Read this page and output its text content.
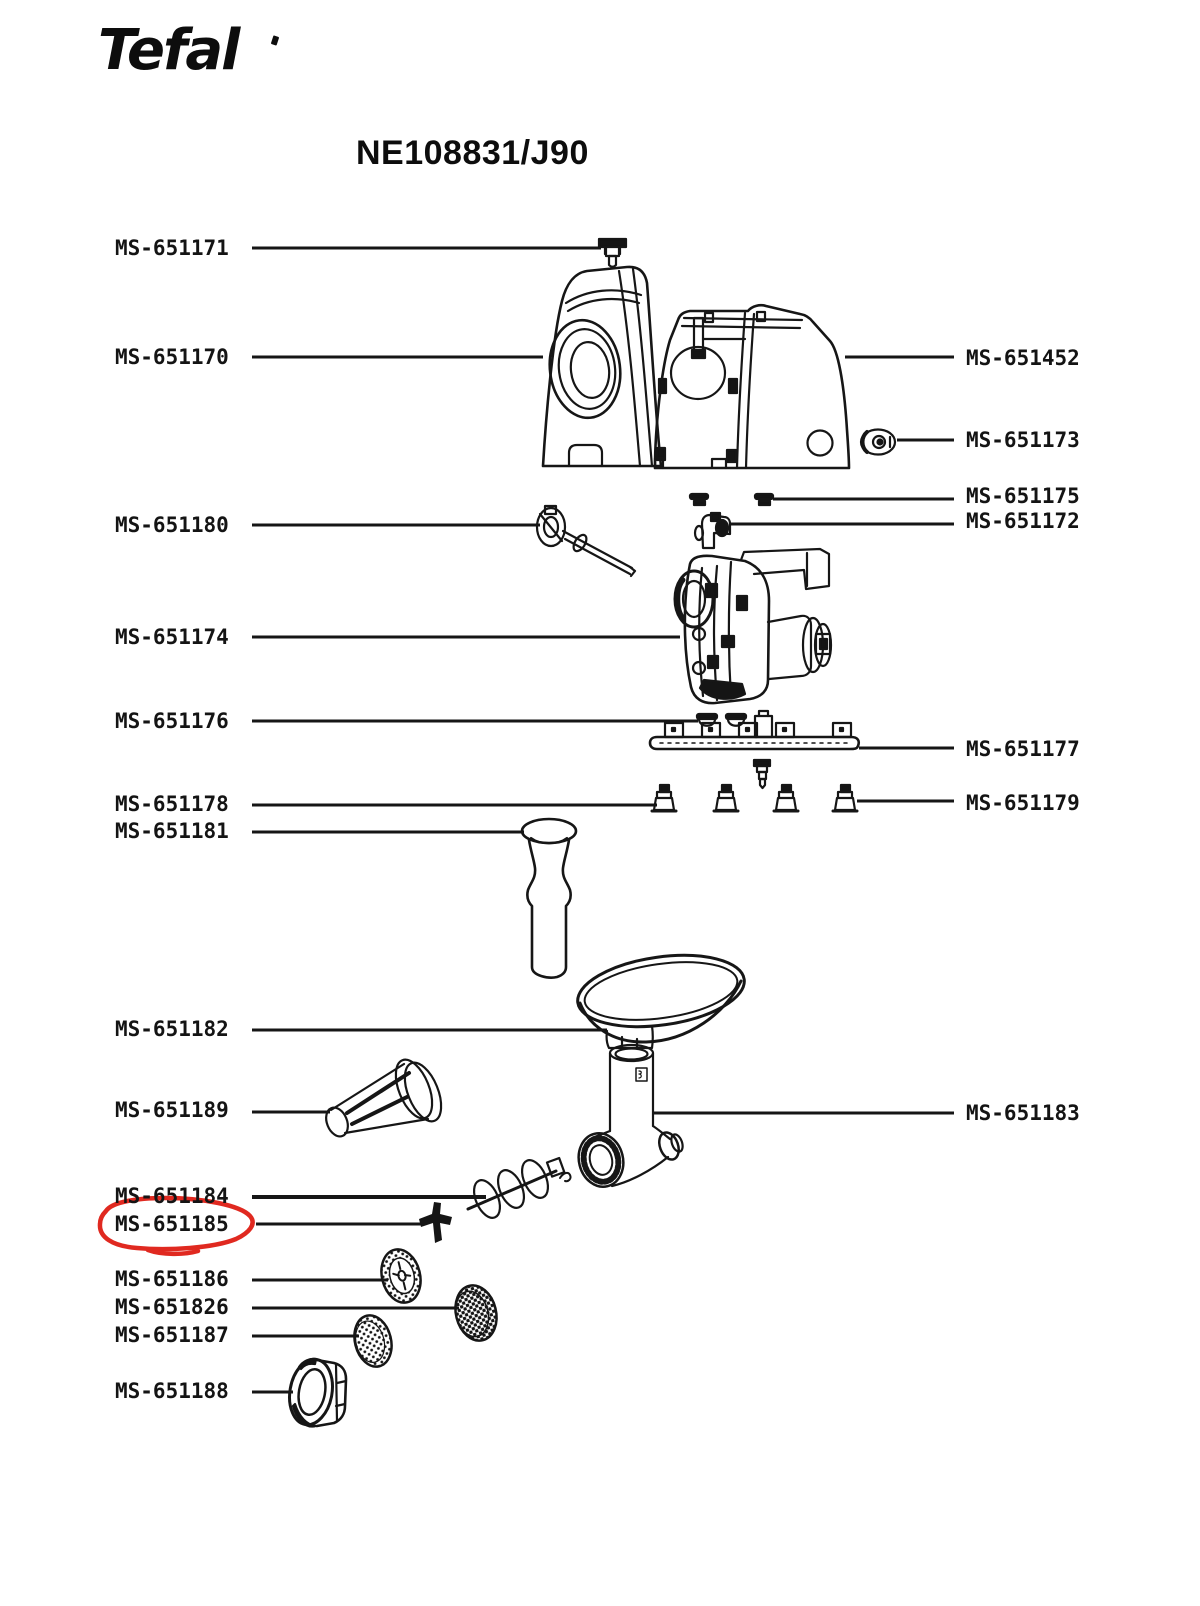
Tefal
NE108831/J90
MS-651171
MS-651170
MS-651180
MS-651174
MS-651176
MS-651178
MS-651181
MS-651182
MS-651189
MS-651184
MS-651185
MS-651186
MS-651826
MS-651187
MS-651188
MS-651452
MS-651173
MS-651175
MS-651172
MS-651177
MS-651179
MS-651183
